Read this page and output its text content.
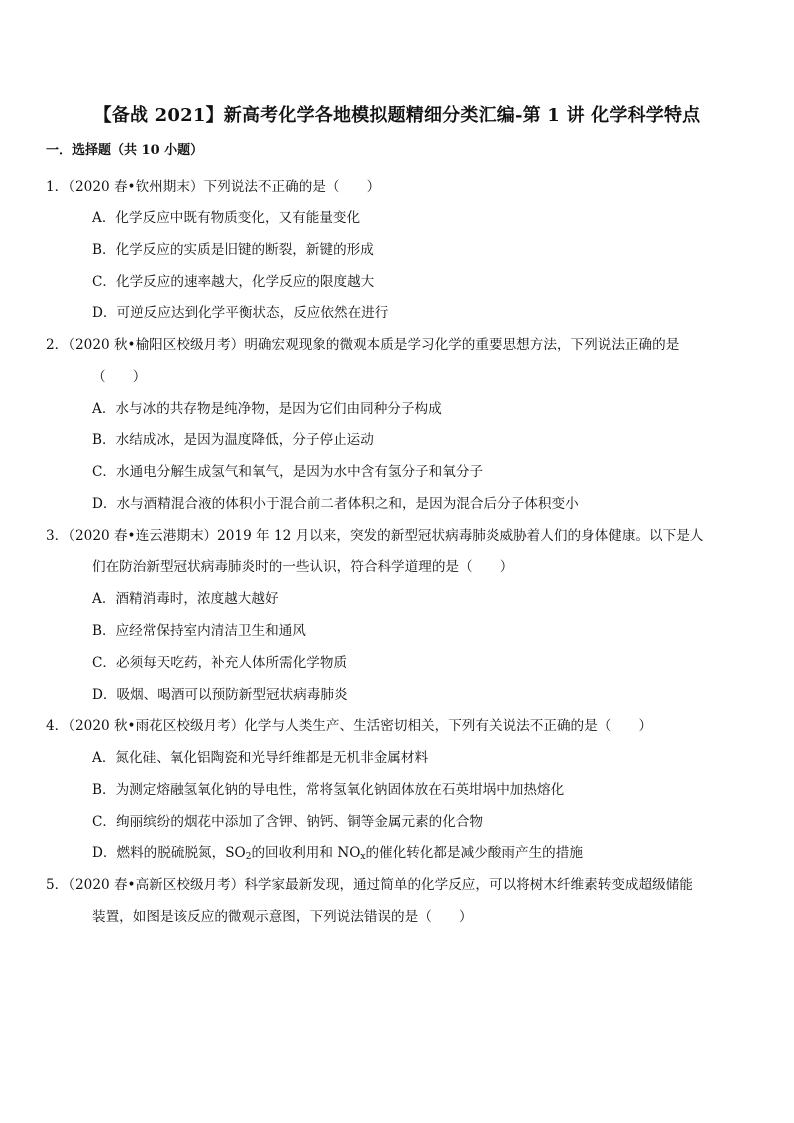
【备战 2021】新高考化学各地模拟题精细分类汇编-第 1 讲 化学科学特点
一．选择题（共 10 小题）
1．（2020 春•钦州期末）下列说法不正确的是（　　）
A．化学反应中既有物质变化，又有能量变化
B．化学反应的实质是旧键的断裂，新键的形成
C．化学反应的速率越大，化学反应的限度越大
D．可逆反应达到化学平衡状态，反应依然在进行
2．（2020 秋•榆阳区校级月考）明确宏观现象的微观本质是学习化学的重要思想方法，下列说法正确的是
（　　）
A．水与冰的共存物是纯净物，是因为它们由同种分子构成
B．水结成冰，是因为温度降低，分子停止运动
C．水通电分解生成氢气和氧气，是因为水中含有氢分子和氧分子
D．水与酒精混合液的体积小于混合前二者体积之和，是因为混合后分子体积变小
3．（2020 春•连云港期末）2019 年 12 月以来，突发的新型冠状病毒肺炎威胁着人们的身体健康。以下是人
们在防治新型冠状病毒肺炎时的一些认识，符合科学道理的是（　　）
A．酒精消毒时，浓度越大越好
B．应经常保持室内清洁卫生和通风
C．必须每天吃药，补充人体所需化学物质
D．吸烟、喝酒可以预防新型冠状病毒肺炎
4．（2020 秋•雨花区校级月考）化学与人类生产、生活密切相关，下列有关说法不正确的是（　　）
A．氮化硅、氧化铝陶瓷和光导纤维都是无机非金属材料
B．为测定熔融氢氧化钠的导电性，常将氢氧化钠固体放在石英坩埚中加热熔化
C．绚丽缤纷的烟花中添加了含钾、钠钙、铜等金属元素的化合物
D．燃料的脱硫脱氮，$SO_2$的回收利用和 $NO_x$的催化转化都是减少酸雨产生的措施
5．（2020 春•高新区校级月考）科学家最新发现，通过简单的化学反应，可以将树木纤维素转变成超级储能
装置，如图是该反应的微观示意图，下列说法错误的是（　　）
